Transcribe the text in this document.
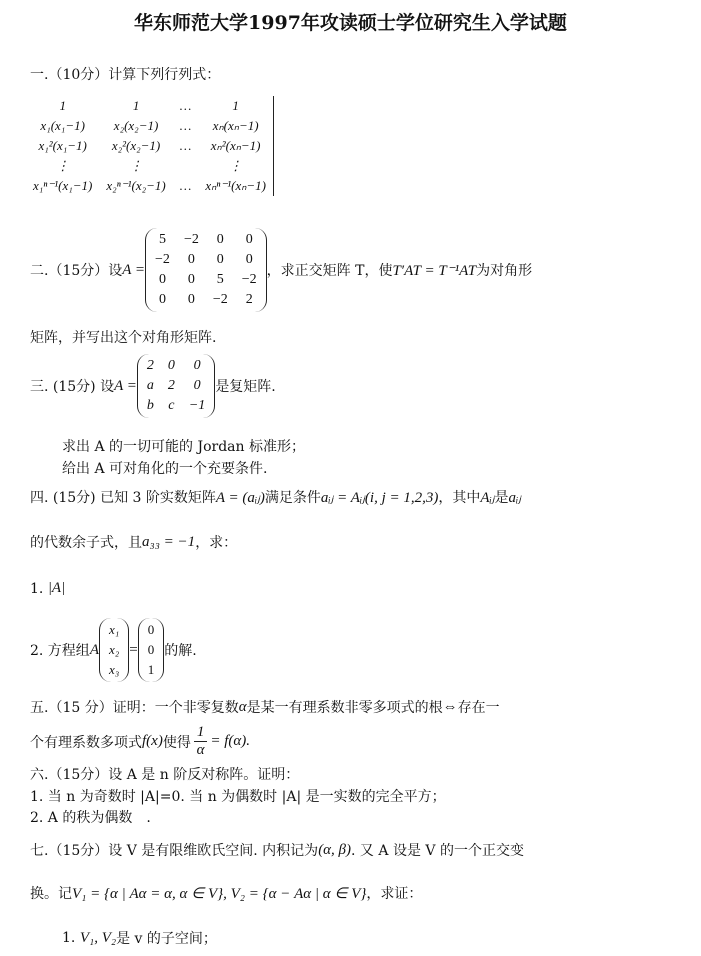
华东师范大学1997年攻读硕士学位研究生入学试题
一.（10分）计算下列行列式：
1	1	…	1
x₁(x₁−1)	x₂(x₂−1)	…	xₙ(xₙ−1)
x₁²(x₁−1)	x₂²(x₂−1)	…	xₙ²(xₙ−1)
⋮	⋮		⋮
x₁ⁿ⁻¹(x₁−1)	x₂ⁿ⁻¹(x₂−1)	…	xₙⁿ⁻¹(xₙ−1)
二.（15分）设 A =
5	−2	0	0
−2	0	0	0
0	0	5	−2
0	0	−2	2
，求正交矩阵 T，使 T′AT = T⁻¹AT 为对角形
矩阵，并写出这个对角形矩阵.
三. (15分) 设 A =
2	0	0
a	2	0
b	c	−1
是复矩阵.
求出 A 的一切可能的 Jordan 标准形；
给出 A 可对角化的一个充要条件.
四. (15分) 已知 3 阶实数矩阵 A = (aᵢⱼ) 满足条件 aᵢⱼ = Aᵢⱼ(i, j = 1,2,3) ，其中 Aᵢⱼ 是 aᵢⱼ
的代数余子式，且 a₃₃ = −1 ，求：
1.
|A|
2. 方程组 A
x₁
x₂
x₃
=
0
0
1
的解.
五.（15 分）证明：一个非零复数 α 是某一有理系数非零多项式的根 ⇔ 存在一
个有理系数多项式 f(x) 使得 $\frac{1}{\alpha} = f(\alpha)$.
六.（15分）设 A 是 n 阶反对称阵。证明：
1. 当 n 为奇数时 |A|=0. 当 n 为偶数时 |A| 是一实数的完全平方；
2. A 的秩为偶数　.
七.（15分）设 V 是有限维欧氏空间. 内积记为 (α, β) . 又 A 设是 V 的一个正交变
换。记 V₁ = {α | Aα = α, α ∈ V}, V₂ = {α − Aα | α ∈ V} ，求证：
1.
V₁, V₂ 是 v 的子空间；
